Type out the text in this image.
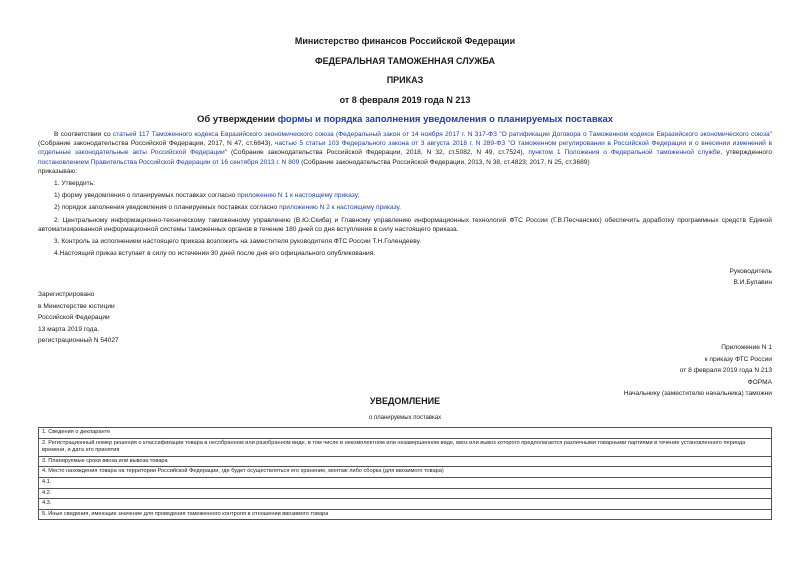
Министерство финансов Российской Федерации
ФЕДЕРАЛЬНАЯ ТАМОЖЕННАЯ СЛУЖБА
ПРИКАЗ
от 8 февраля 2019 года N 213
Об утверждении формы и порядка заполнения уведомления о планируемых поставках

В соответствии со статьей 117 Таможенного кодекса Евразийского экономического союза (Федеральный закон от 14 ноября 2017 г. N 317-ФЗ "О ратификации Договора о Таможенном кодексе Евразийского экономического союза" (Собрание законодательства Российской Федерации, 2017, N 47, ст.6843), частью 5 статьи 103 Федерального закона от 3 августа 2018 г. N 289-ФЗ "О таможенном регулировании в Российской Федерации и о внесении изменений в отдельные законодательные акты Российской Федерации" (Собрание законодательства Российской Федерации, 2018, N 32, ст.5082, N 49, ст.7524), пунктом 1 Положения о Федеральной таможенной службе, утвержденного постановлением Правительства Российской Федерации от 16 сентября 2013 г. N 809 (Собрание законодательства Российской Федерации, 2013, N 38, ст.4823; 2017, N 25, ст.3689)

приказываю:

1. Утвердить:

1) форму уведомления о планируемых поставках согласно приложению N 1 к настоящему приказу;

2) порядок заполнения уведомления о планируемых поставках согласно приложению N 2 к настоящему приказу.

2. Центральному информационно-техническому таможенному управлению (В.Ю.Скиба) и Главному управлению информационных технологий ФТС России (Г.В.Песчанских) обеспечить доработку программных средств Единой автоматизированной информационной системы таможенных органов в течение 180 дней со дня вступления в силу настоящего приказа.

3. Контроль за исполнением настоящего приказа возложить на заместителя руководителя ФТС России Т.Н.Голендееву.

4.Настоящий приказ вступает в силу по истечении 30 дней после дня его официального опубликования.

Руководитель
В.И.Булавин
Зарегистрировано
в Министерстве юстиции
Российской Федерации
13 марта 2019 года,
регистрационный N 54027
Приложение N 1
к приказу ФТС России
от 8 февраля 2019 года N 213
ФОРМА
Начальнику (заместителю начальника) таможни
УВЕДОМЛЕНИЕ
о планируемых поставках
1. Сведения о декларанте
2. Регистрационный номер решения о классификации товара в несобранном или разобранном виде, в том числе в некомплектном или незавершенном виде, ввоз или вывоз которого предполагается различными товарными партиями в течение установленного периода времени, и дата его принятия
3. Планируемые сроки ввоза или вывоза товара
4. Место нахождения товара на территории Российской Федерации, где будет осуществляться его хранение, монтаж либо сборка (для ввозимого товара)
4.1.
4.2.
4.3.
5. Иные сведения, имеющие значение для проведения таможенного контроля в отношении ввозимого товара
